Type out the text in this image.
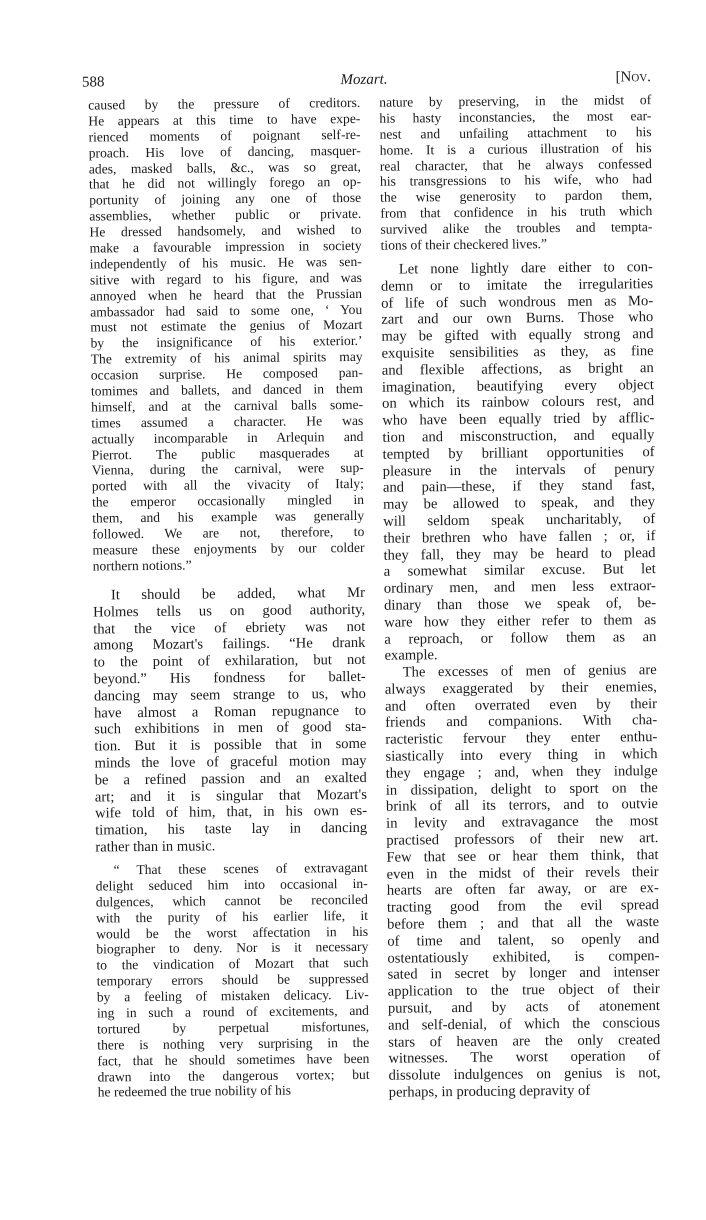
588	Mozart.	[Nov.
caused by the pressure of creditors.
He appears at this time to have expe-
rienced moments of poignant self-re-
proach. His love of dancing, masquer-
ades, masked balls, &c., was so great,
that he did not willingly forego an op-
portunity of joining any one of those
assemblies, whether public or private.
He dressed handsomely, and wished to
make a favourable impression in society
independently of his music. He was sen-
sitive with regard to his figure, and was
annoyed when he heard that the Prussian
ambassador had said to some one, ‘ You
must not estimate the genius of Mozart
by the insignificance of his exterior.’
The extremity of his animal spirits may
occasion surprise. He composed pan-
tomimes and ballets, and danced in them
himself, and at the carnival balls some-
times assumed a character. He was
actually incomparable in Arlequin and
Pierrot. The public masquerades at
Vienna, during the carnival, were sup-
ported with all the vivacity of Italy;
the emperor occasionally mingled in
them, and his example was generally
followed. We are not, therefore, to
measure these enjoyments by our colder
northern notions.”
It should be added, what Mr
Holmes tells us on good authority,
that the vice of ebriety was not
among Mozart's failings. “He drank
to the point of exhilaration, but not
beyond.” His fondness for ballet-
dancing may seem strange to us, who
have almost a Roman repugnance to
such exhibitions in men of good sta-
tion. But it is possible that in some
minds the love of graceful motion may
be a refined passion and an exalted
art; and it is singular that Mozart's
wife told of him, that, in his own es-
timation, his taste lay in dancing
rather than in music.
“ That these scenes of extravagant
delight seduced him into occasional in-
dulgences, which cannot be reconciled
with the purity of his earlier life, it
would be the worst affectation in his
biographer to deny. Nor is it necessary
to the vindication of Mozart that such
temporary errors should be suppressed
by a feeling of mistaken delicacy. Liv-
ing in such a round of excitements, and
tortured by perpetual misfortunes,
there is nothing very surprising in the
fact, that he should sometimes have been
drawn into the dangerous vortex; but
he redeemed the true nobility of his
nature by preserving, in the midst of
his hasty inconstancies, the most ear-
nest and unfailing attachment to his
home. It is a curious illustration of his
real character, that he always confessed
his transgressions to his wife, who had
the wise generosity to pardon them,
from that confidence in his truth which
survived alike the troubles and tempta-
tions of their checkered lives.”
Let none lightly dare either to con-
demn or to imitate the irregularities
of life of such wondrous men as Mo-
zart and our own Burns. Those who
may be gifted with equally strong and
exquisite sensibilities as they, as fine
and flexible affections, as bright an
imagination, beautifying every object
on which its rainbow colours rest, and
who have been equally tried by afflic-
tion and misconstruction, and equally
tempted by brilliant opportunities of
pleasure in the intervals of penury
and pain—these, if they stand fast,
may be allowed to speak, and they
will seldom speak uncharitably, of
their brethren who have fallen ; or, if
they fall, they may be heard to plead
a somewhat similar excuse. But let
ordinary men, and men less extraor-
dinary than those we speak of, be-
ware how they either refer to them as
a reproach, or follow them as an
example.
The excesses of men of genius are
always exaggerated by their enemies,
and often overrated even by their
friends and companions. With cha-
racteristic fervour they enter enthu-
siastically into every thing in which
they engage ; and, when they indulge
in dissipation, delight to sport on the
brink of all its terrors, and to outvie
in levity and extravagance the most
practised professors of their new art.
Few that see or hear them think, that
even in the midst of their revels their
hearts are often far away, or are ex-
tracting good from the evil spread
before them ; and that all the waste
of time and talent, so openly and
ostentatiously exhibited, is compen-
sated in secret by longer and intenser
application to the true object of their
pursuit, and by acts of atonement
and self-denial, of which the conscious
stars of heaven are the only created
witnesses. The worst operation of
dissolute indulgences on genius is not,
perhaps, in producing depravity of
